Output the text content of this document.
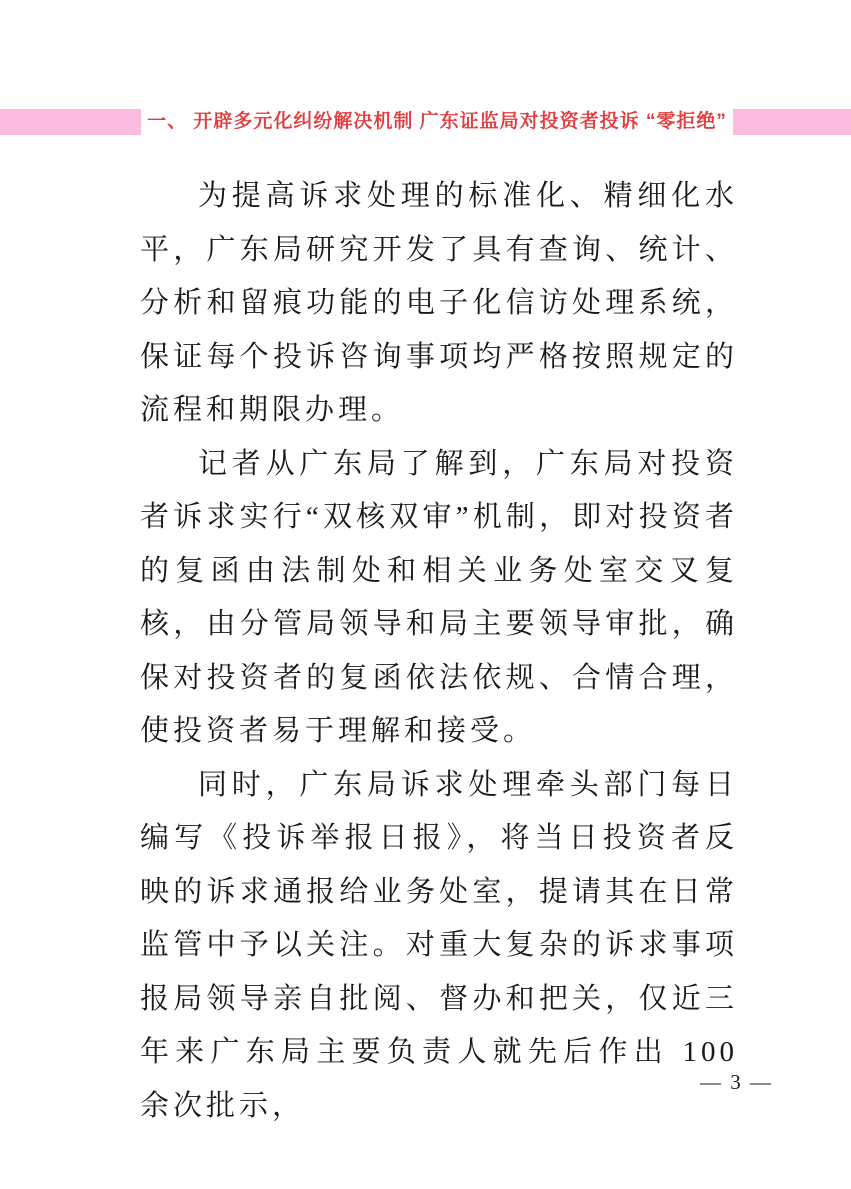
一、 开辟多元化纠纷解决机制 广东证监局对投资者投诉 “零拒绝”

为提高诉求处理的标准化、精细化水平，广东局研究开发了具有查询、统计、分析和留痕功能的电子化信访处理系统，保证每个投诉咨询事项均严格按照规定的流程和期限办理。

记者从广东局了解到，广东局对投资者诉求实行“双核双审”机制，即对投资者的复函由法制处和相关业务处室交叉复核，由分管局领导和局主要领导审批，确保对投资者的复函依法依规、合情合理，使投资者易于理解和接受。

同时，广东局诉求处理牵头部门每日编写《投诉举报日报》，将当日投资者反映的诉求通报给业务处室，提请其在日常监管中予以关注。对重大复杂的诉求事项报局领导亲自批阅、督办和把关，仅近三年来广东局主要负责人就先后作出 100 余次批示，

— 3 —
